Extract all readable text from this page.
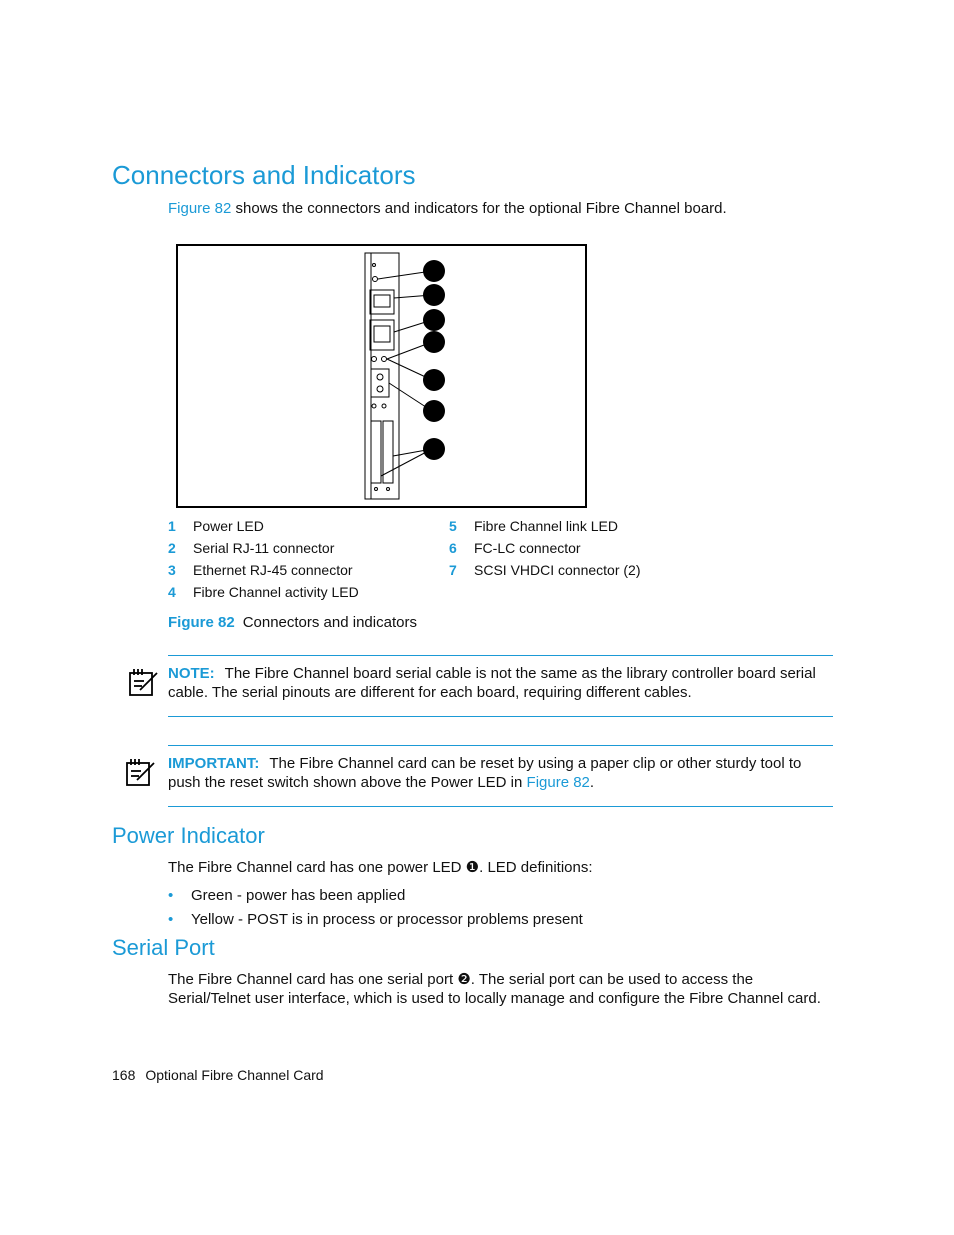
Connectors and Indicators
Figure 82 shows the connectors and indicators for the optional Fibre Channel board.
1 Power LED
2 Serial RJ-11 connector
3 Ethernet RJ-45 connector
4 Fibre Channel activity LED
5 Fibre Channel link LED
6 FC-LC connector
7 SCSI VHDCI connector (2)
Figure 82 Connectors and indicators
NOTE: The Fibre Channel board serial cable is not the same as the library controller board serial cable. The serial pinouts are different for each board, requiring different cables.
IMPORTANT: The Fibre Channel card can be reset by using a paper clip or other sturdy tool to push the reset switch shown above the Power LED in Figure 82.
Power Indicator
The Fibre Channel card has one power LED ❶. LED definitions:
• Green - power has been applied
• Yellow - POST is in process or processor problems present
Serial Port
The Fibre Channel card has one serial port ❷. The serial port can be used to access the
Serial/Telnet user interface, which is used to locally manage and configure the Fibre Channel card.
168 Optional Fibre Channel Card
